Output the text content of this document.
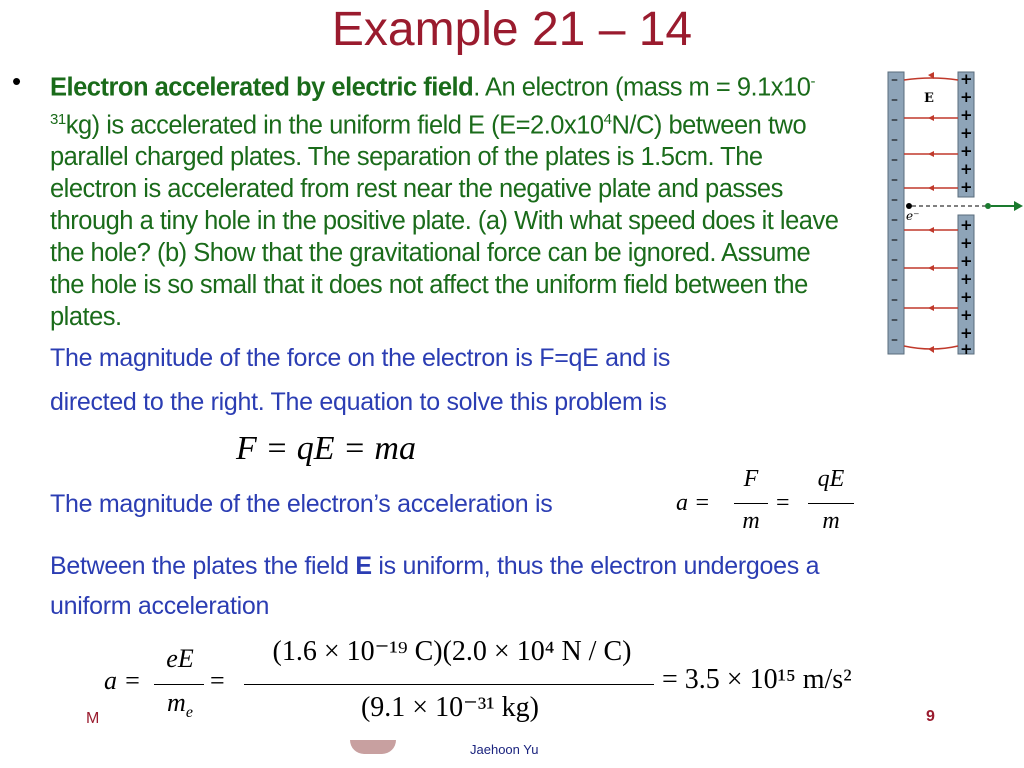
Example 21 – 14
• Electron accelerated by electric field. An electron (mass $m = 9.1x10^{-31}kg$) is accelerated in the uniform field E $(E=2.0x10^4N/C)$ between two parallel charged plates. The separation of the plates is 1.5cm. The electron is accelerated from rest near the negative plate and passes through a tiny hole in the positive plate. (a) With what speed does it leave the hole? (b) Show that the gravitational force can be ignored. Assume the hole is so small that it does not affect the uniform field between the plates.
–
–
–
–
–
–
–
–
–
–
–
–
–
–
+
+
+
+
+
+
+
+
+
+
+
+
+
+
+
E
e⁻
The magnitude of the force on the electron is F=qE and is
directed to the right. The equation to solve this problem is
F = qE = ma
The magnitude of the electron’s acceleration is	a =
F
m
=
qE
m
Between the plates the field E is uniform, thus the electron undergoes a
uniform acceleration
a =
eE
$m_e$
=
(1.6 × 10⁻¹⁹ C)(2.0 × 10⁴ N / C)
(9.1 × 10⁻³¹ kg)
= 3.5 × 10¹⁵ m/s²
M	9
Jaehoon Yu
